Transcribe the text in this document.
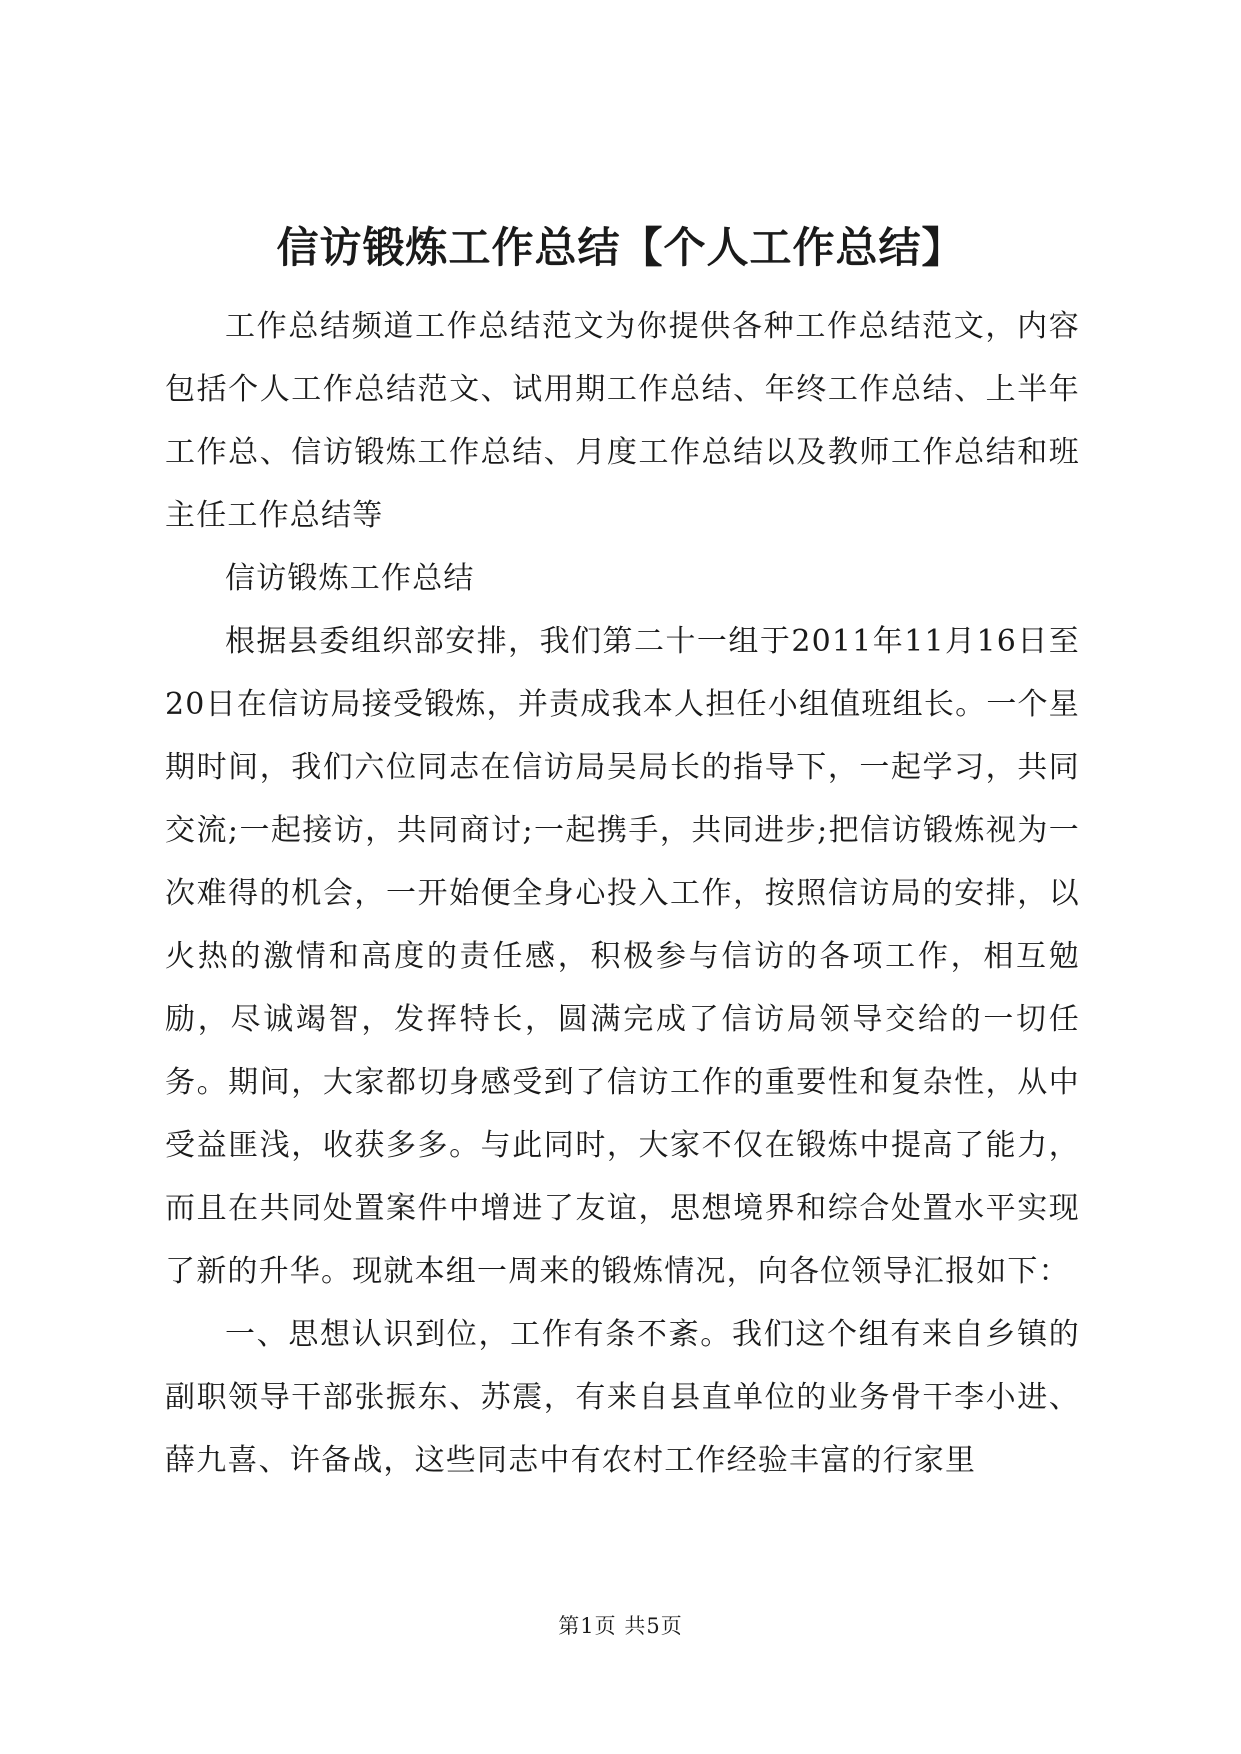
信访锻炼工作总结【个人工作总结】

工作总结频道工作总结范文为你提供各种工作总结范文，内容包括个人工作总结范文、试用期工作总结、年终工作总结、上半年工作总、信访锻炼工作总结、月度工作总结以及教师工作总结和班主任工作总结等

信访锻炼工作总结

根据县委组织部安排，我们第二十一组于2011年11月16日至20日在信访局接受锻炼，并责成我本人担任小组值班组长。一个星期时间，我们六位同志在信访局吴局长的指导下，一起学习，共同交流;一起接访，共同商讨;一起携手，共同进步;把信访锻炼视为一次难得的机会，一开始便全身心投入工作，按照信访局的安排，以火热的激情和高度的责任感，积极参与信访的各项工作，相互勉励，尽诚竭智，发挥特长，圆满完成了信访局领导交给的一切任务。期间，大家都切身感受到了信访工作的重要性和复杂性，从中受益匪浅，收获多多。与此同时，大家不仅在锻炼中提高了能力，而且在共同处置案件中增进了友谊，思想境界和综合处置水平实现了新的升华。现就本组一周来的锻炼情况，向各位领导汇报如下：

一、思想认识到位，工作有条不紊。我们这个组有来自乡镇的副职领导干部张振东、苏震，有来自县直单位的业务骨干李小进、薛九喜、许备战，这些同志中有农村工作经验丰富的行家里

第1页 共5页
